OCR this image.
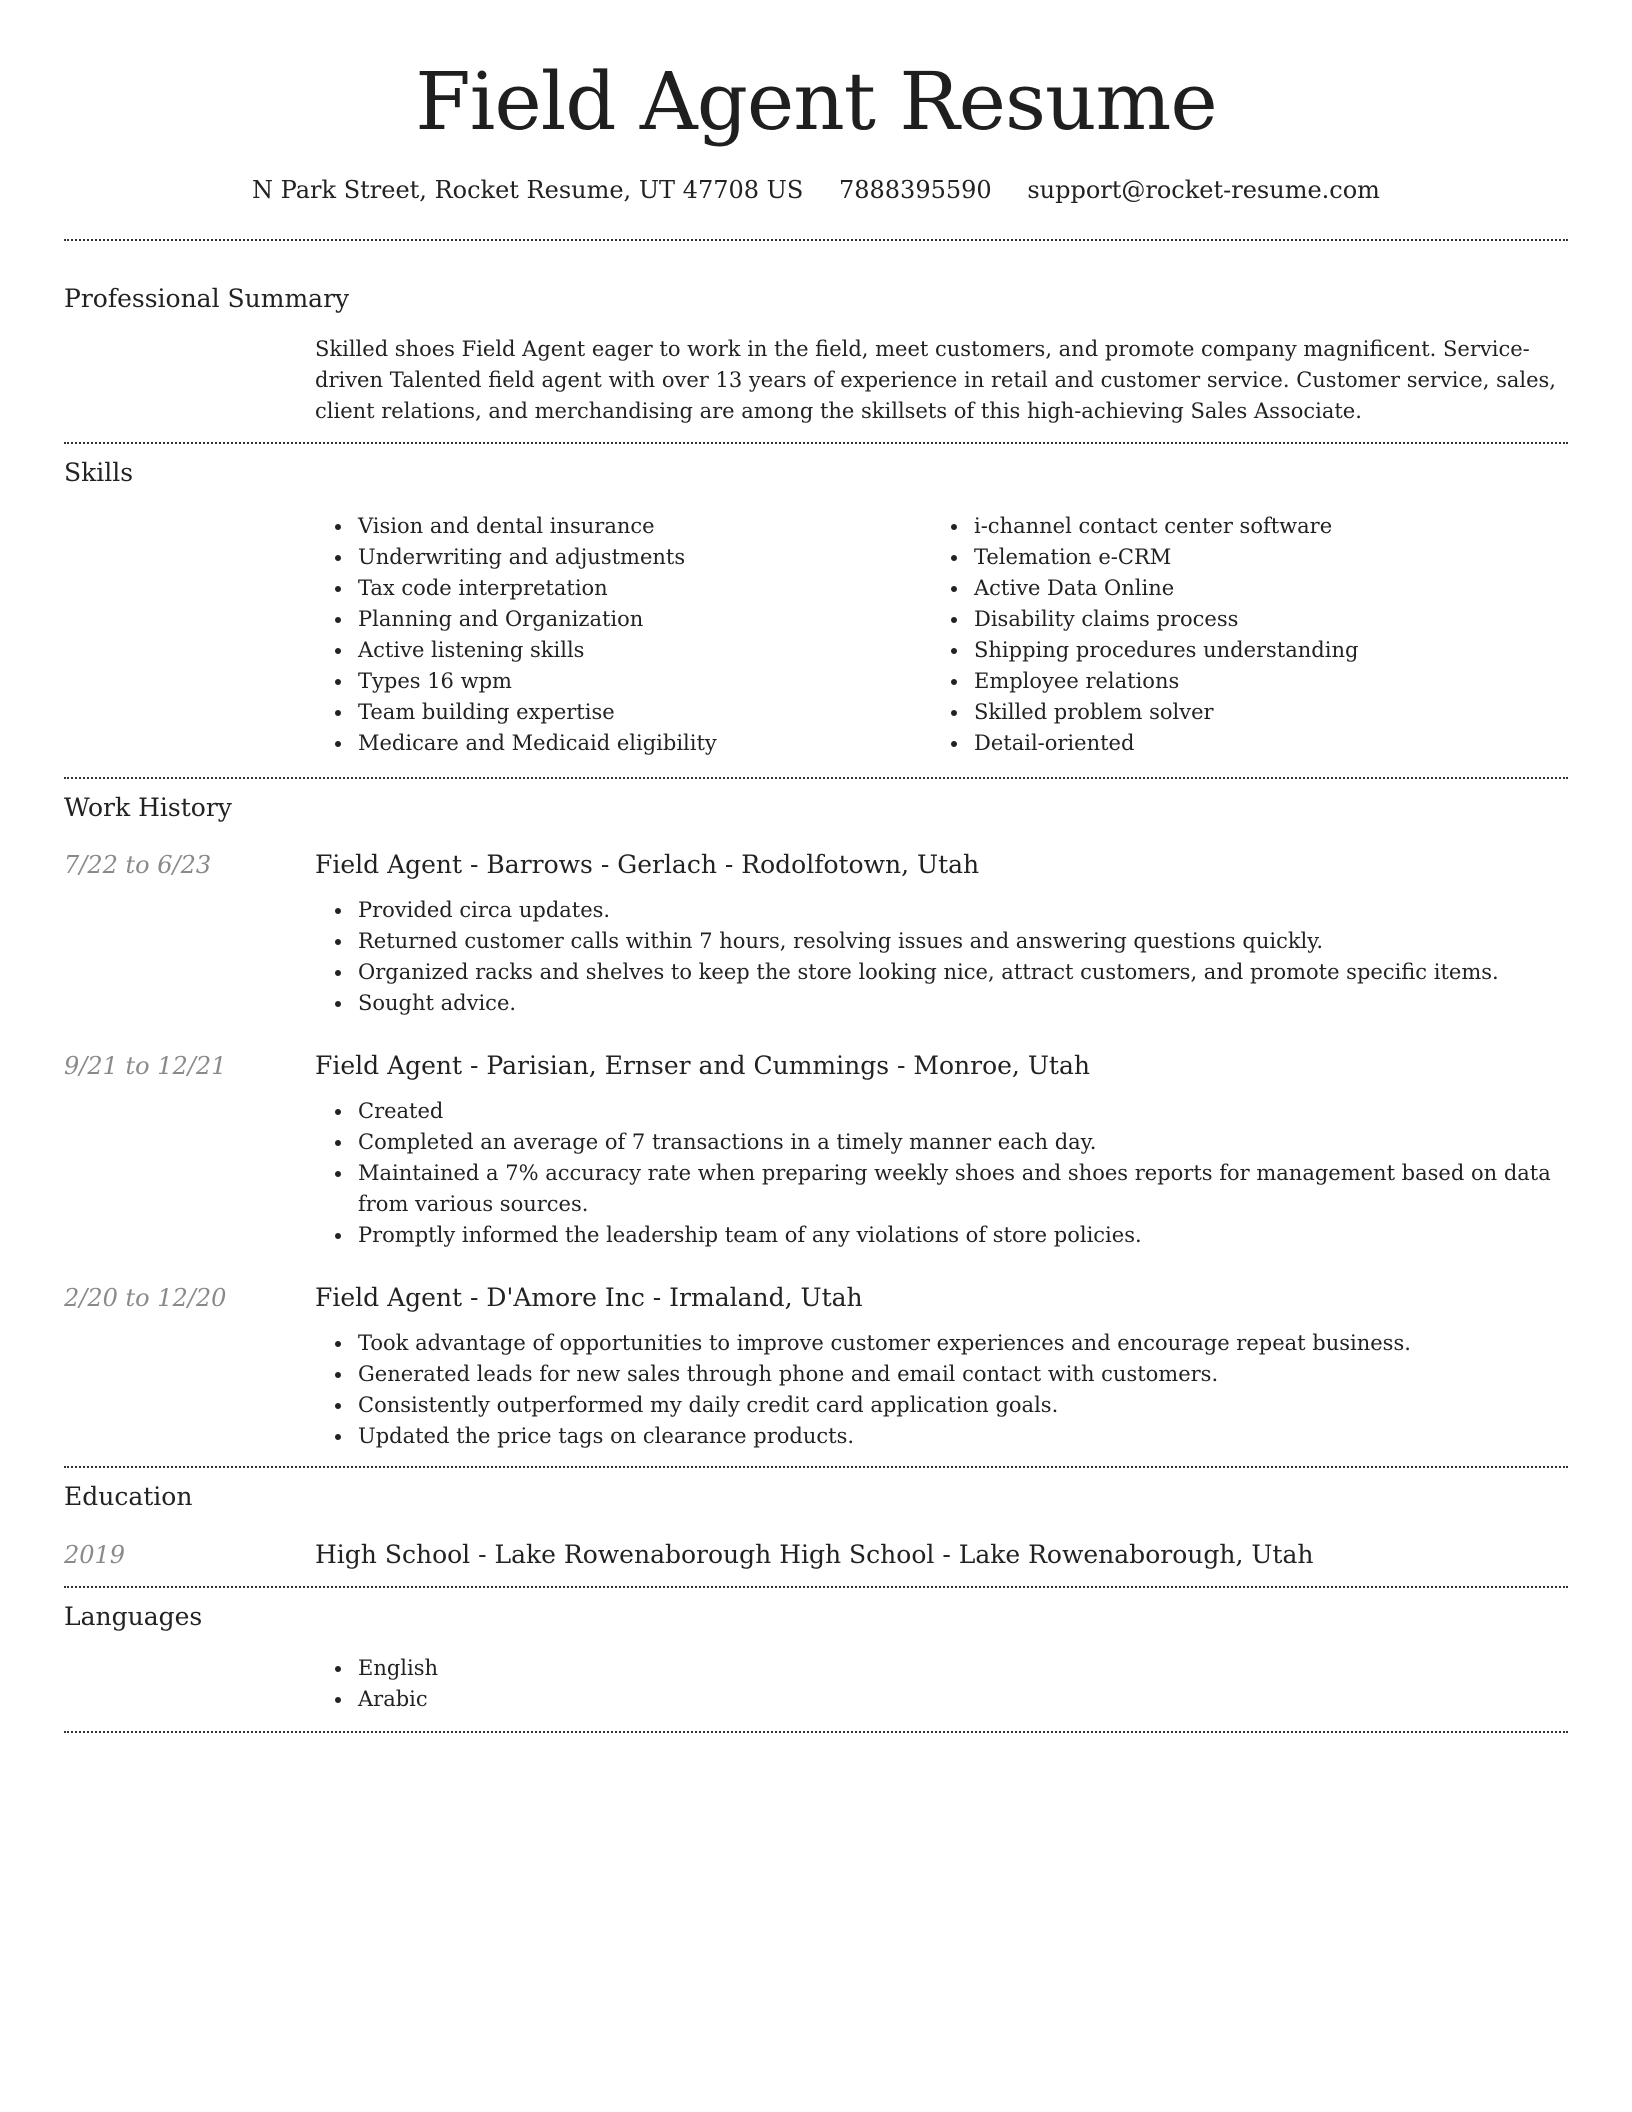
Field Agent Resume
N Park Street, Rocket Resume, UT 47708 US 7888395590 support@rocket-resume.com
Professional Summary

Skilled shoes Field Agent eager to work in the field, meet customers, and promote company magnificent. Service-driven Talented field agent with over 13 years of experience in retail and customer service. Customer service, sales, client relations, and merchandising are among the skillsets of this high-achieving Sales Associate.

Skills
Vision and dental insurance
Underwriting and adjustments
Tax code interpretation
Planning and Organization
Active listening skills
Types 16 wpm
Team building expertise
Medicare and Medicaid eligibility
i-channel contact center software
Telemation e-CRM
Active Data Online
Disability claims process
Shipping procedures understanding
Employee relations
Skilled problem solver
Detail-oriented
Work History
7/22 to 6/23	Field Agent - Barrows - Gerlach - Rodolfotown, Utah
Provided circa updates.
Returned customer calls within 7 hours, resolving issues and answering questions quickly.
Organized racks and shelves to keep the store looking nice, attract customers, and promote specific items.
Sought advice.
9/21 to 12/21	Field Agent - Parisian, Ernser and Cummings - Monroe, Utah
Created
Completed an average of 7 transactions in a timely manner each day.
Maintained a 7% accuracy rate when preparing weekly shoes and shoes reports for management based on data from various sources.
Promptly informed the leadership team of any violations of store policies.
2/20 to 12/20	Field Agent - D'Amore Inc - Irmaland, Utah
Took advantage of opportunities to improve customer experiences and encourage repeat business.
Generated leads for new sales through phone and email contact with customers.
Consistently outperformed my daily credit card application goals.
Updated the price tags on clearance products.
Education
2019	High School - Lake Rowenaborough High School - Lake Rowenaborough, Utah
Languages
English
Arabic
